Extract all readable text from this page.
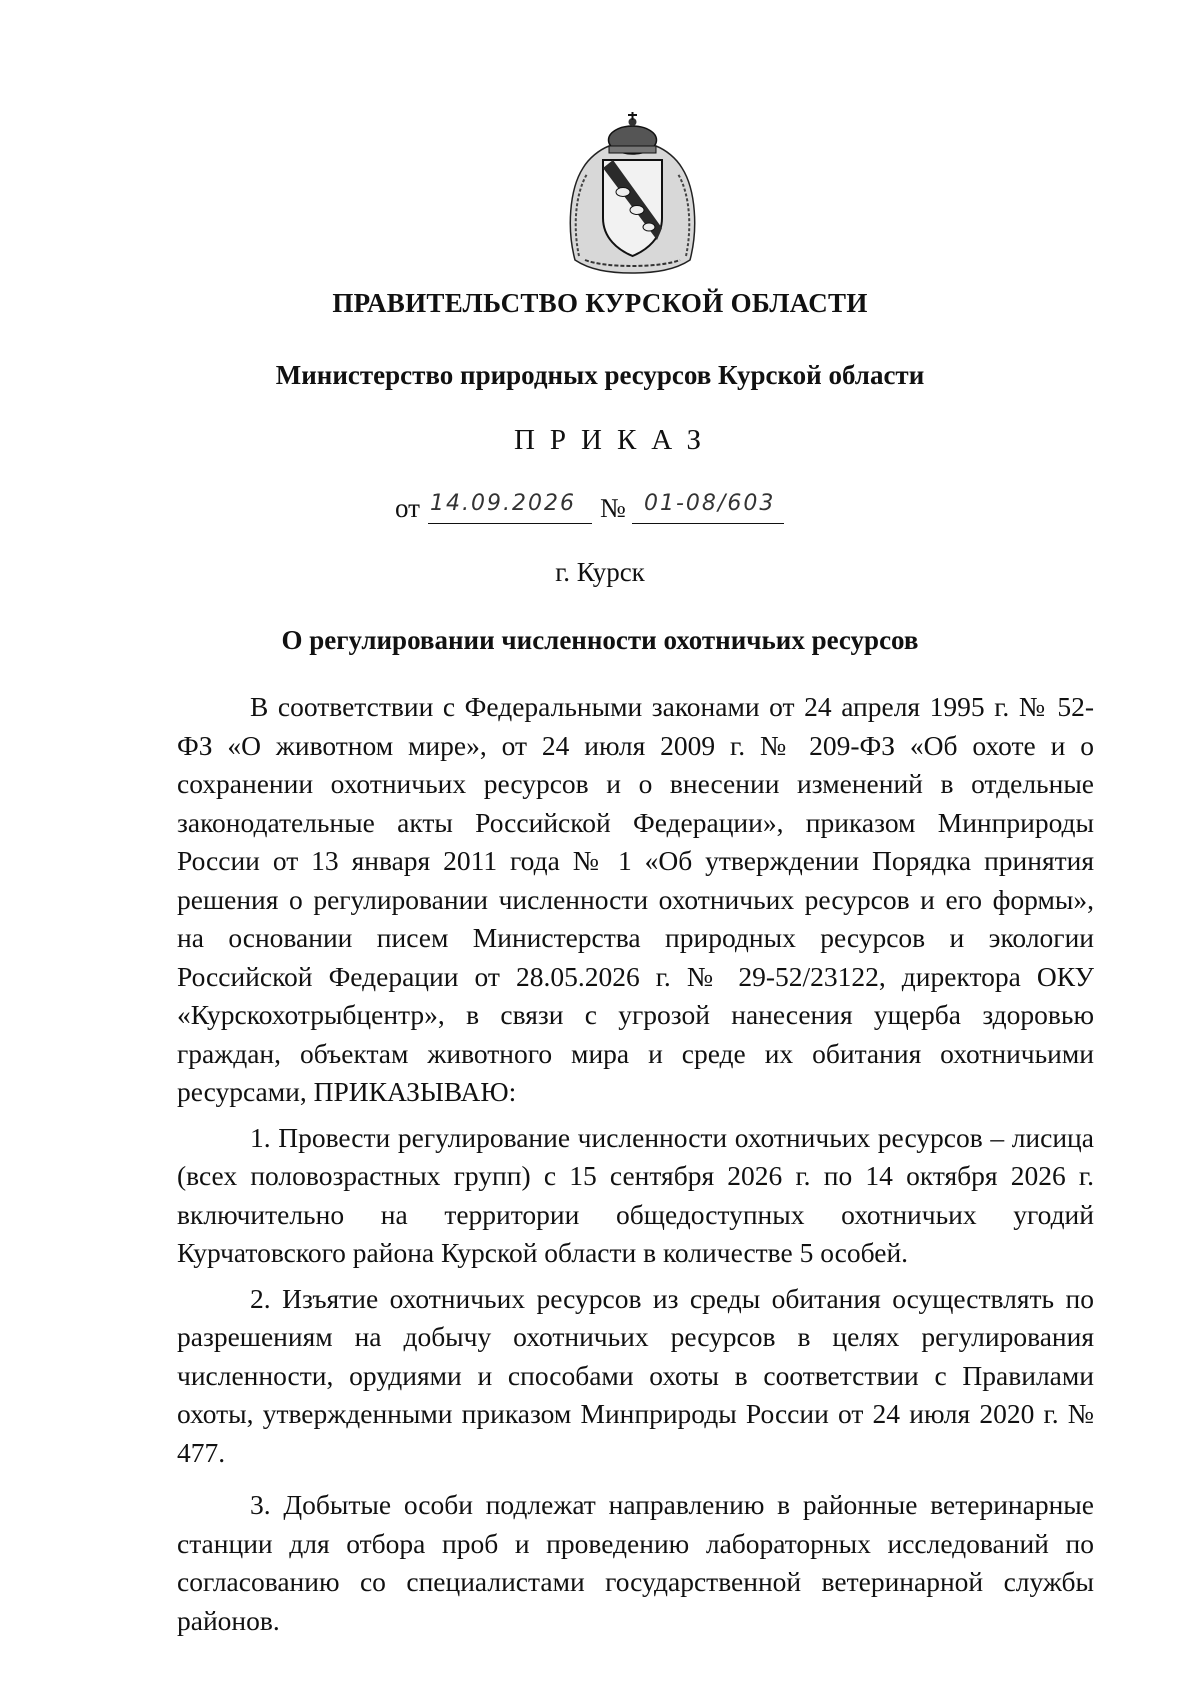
ПРАВИТЕЛЬСТВО КУРСКОЙ ОБЛАСТИ
Министерство природных ресурсов Курской области
ПРИКАЗ
от 14.09.2026 № 01-08/603
г. Курск
О регулировании численности охотничьих ресурсов

В соответствии с Федеральными законами от 24 апреля 1995 г. № 52-ФЗ «О животном мире», от 24 июля 2009 г. № 209-ФЗ «Об охоте и о сохранении охотничьих ресурсов и о внесении изменений в отдельные законодательные акты Российской Федерации», приказом Минприроды России от 13 января 2011 года № 1 «Об утверждении Порядка принятия решения о регулировании численности охотничьих ресурсов и его формы», на основании писем Министерства природных ресурсов и экологии Российской Федерации от 28.05.2026 г. № 29-52/23122, директора ОКУ «Курскохотрыбцентр», в связи с угрозой нанесения ущерба здоровью граждан, объектам животного мира и среде их обитания охотничьими ресурсами, ПРИКАЗЫВАЮ:

1. Провести регулирование численности охотничьих ресурсов – лисица (всех половозрастных групп) с 15 сентября 2026 г. по 14 октября 2026 г. включительно на территории общедоступных охотничьих угодий Курчатовского района Курской области в количестве 5 особей.

2. Изъятие охотничьих ресурсов из среды обитания осуществлять по разрешениям на добычу охотничьих ресурсов в целях регулирования численности, орудиями и способами охоты в соответствии с Правилами охоты, утвержденными приказом Минприроды России от 24 июля 2020 г. № 477.

3. Добытые особи подлежат направлению в районные ветеринарные станции для отбора проб и проведению лабораторных исследований по согласованию со специалистами государственной ветеринарной службы районов.
